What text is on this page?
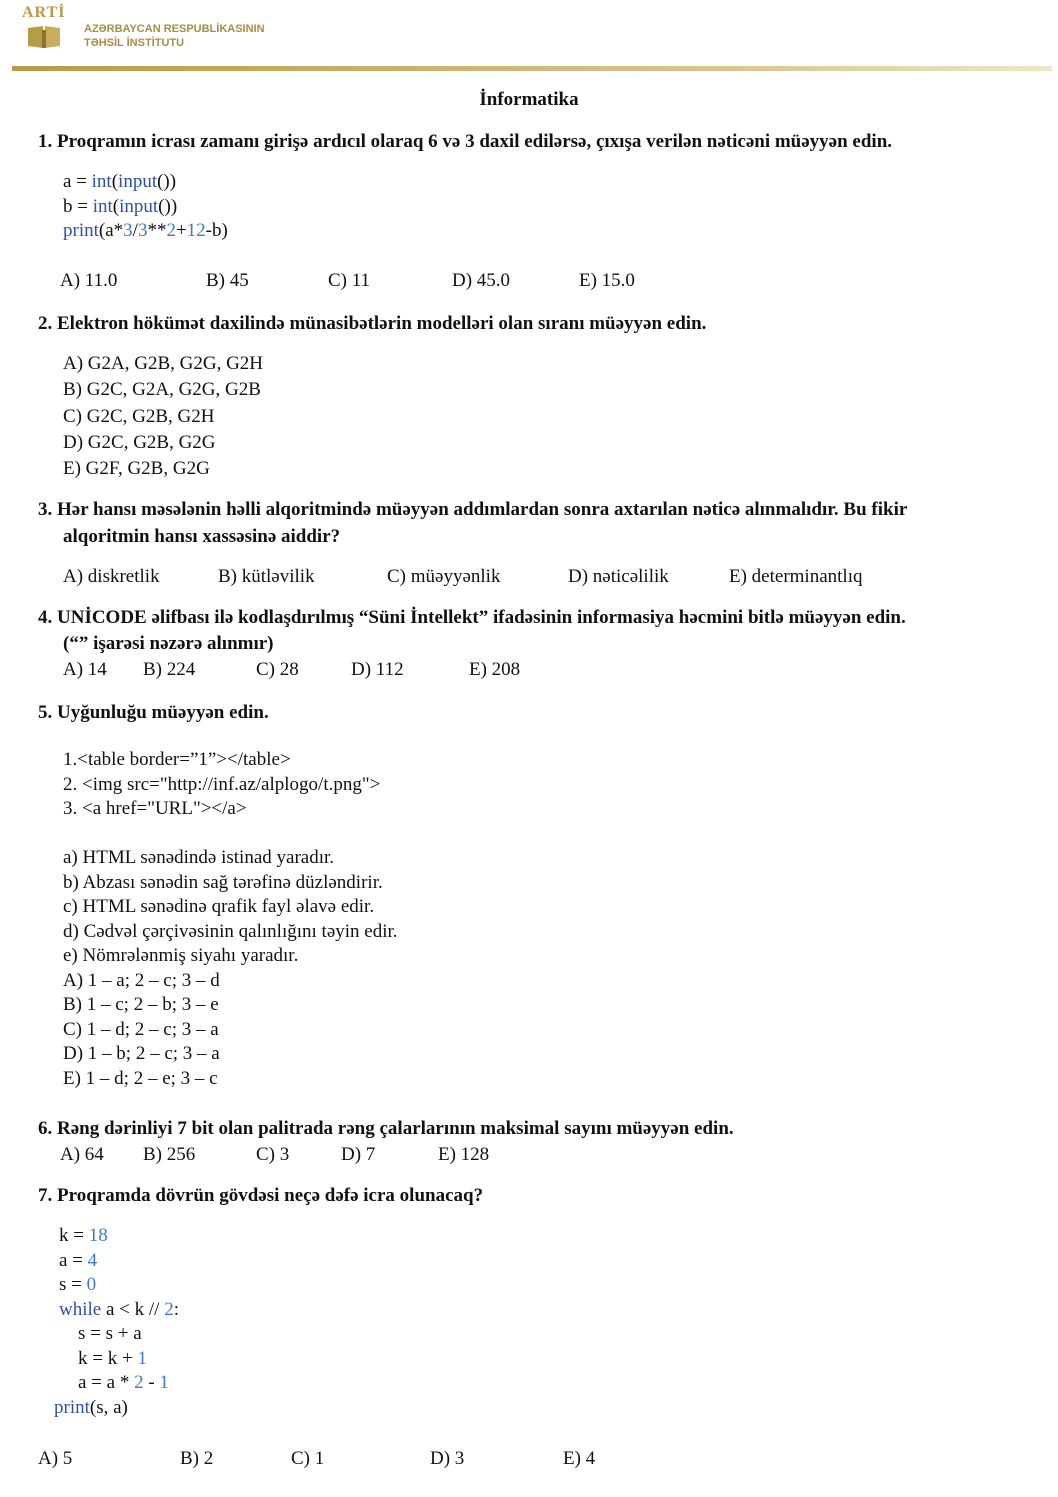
ARTİ
AZƏRBAYCAN RESPUBLİKASININ
TƏHSİL İNSTİTUTU
İnformatika
1. Proqramın icrası zamanı girişə ardıcıl olaraq 6 və 3 daxil edilərsə, çıxışa verilən nəticəni müəyyən edin.
a = int(input())
b = int(input())
print(a*3/3**2+12-b)
A) 11.0	B) 45	C) 11	D) 45.0	E) 15.0
2. Elektron hökümət daxilində münasibətlərin modelləri olan sıranı müəyyən edin.
A) G2A, G2B, G2G, G2H
B) G2C, G2A, G2G, G2B
C) G2C, G2B, G2H
D) G2C, G2B, G2G
E) G2F, G2B, G2G
3. Hər hansı məsələnin həlli alqoritmində müəyyən addımlardan sonra axtarılan nəticə alınmalıdır. Bu fikir
alqoritmin hansı xassəsinə aiddir?
A) diskretlik	B) kütləvilik	C) müəyyənlik	D) nəticəlilik	E) determinantlıq
4. UNİCODE əlifbası ilə kodlaşdırılmış “Süni İntellekt” ifadəsinin informasiya həcmini bitlə müəyyən edin.
(“” işarəsi nəzərə alınmır)
A) 14 B) 224	C) 28	D) 112	E) 208
5. Uyğunluğu müəyyən edin.
1.<table border=”1”></table>
2. <img src="http://inf.az/alplogo/t.png">
3. <a href="URL"></a>
a) HTML sənədində istinad yaradır.
b) Abzası sənədin sağ tərəfinə düzləndirir.
c) HTML sənədinə qrafik fayl əlavə edir.
d) Cədvəl çərçivəsinin qalınlığını təyin edir.
e) Nömrələnmiş siyahı yaradır.
A) 1 – a; 2 – c; 3 – d
B) 1 – c; 2 – b; 3 – e
C) 1 – d; 2 – c; 3 – a
D) 1 – b; 2 – c; 3 – a
E) 1 – d; 2 – e; 3 – c
6. Rəng dərinliyi 7 bit olan palitrada rəng çalarlarının maksimal sayını müəyyən edin.
A) 64 B) 256	C) 3	D) 7	E) 128
7. Proqramda dövrün gövdəsi neçə dəfə icra olunacaq?
k = 18
a = 4
s = 0
while a < k // 2:
s = s + a
k = k + 1
a = a * 2 - 1
print(s, a)
A) 5	B) 2	C) 1	D) 3	E) 4
